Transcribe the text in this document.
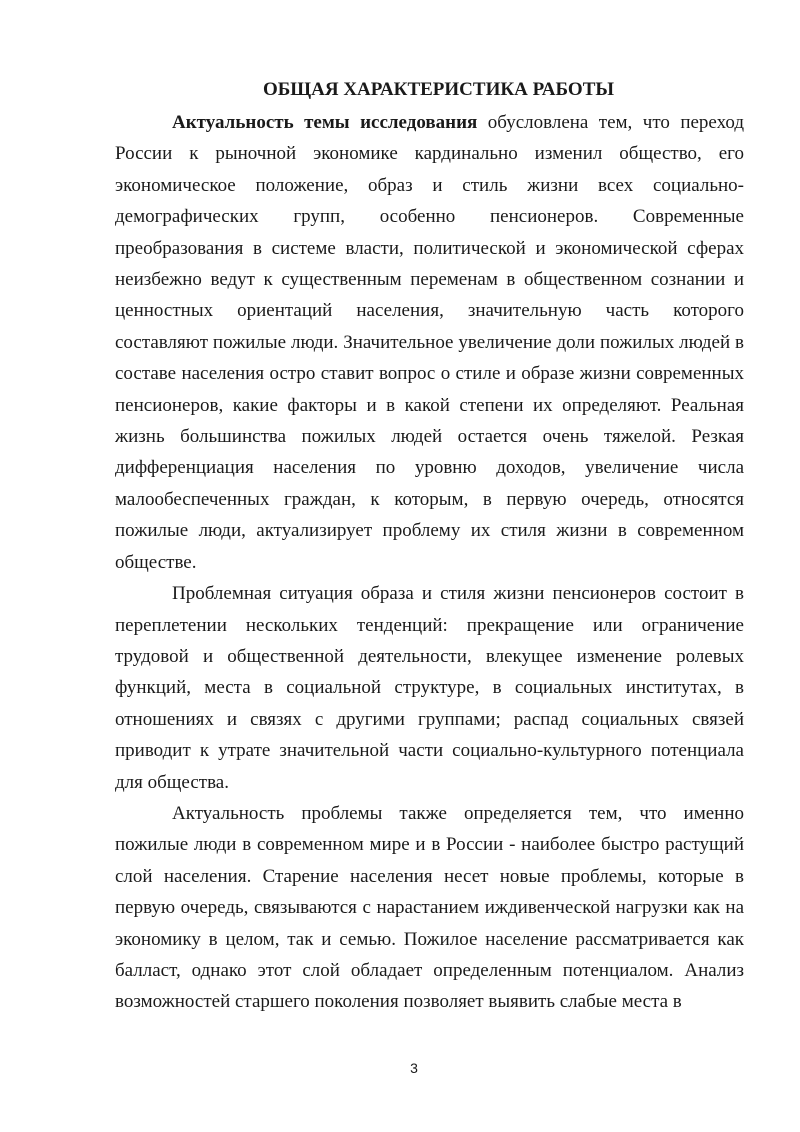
ОБЩАЯ ХАРАКТЕРИСТИКА РАБОТЫ

Актуальность темы исследования обусловлена тем, что переход России к рыночной экономике кардинально изменил общество, его экономическое положение, образ и стиль жизни всех социально-демографических групп, особенно пенсионеров. Современные преобразования в системе власти, политической и экономической сферах неизбежно ведут к существенным переменам в общественном сознании и ценностных ориентаций населения, значительную часть которого составляют пожилые люди. Значительное увеличение доли пожилых людей в составе населения остро ставит вопрос о стиле и образе жизни современных пенсионеров, какие факторы и в какой степени их определяют. Реальная жизнь большинства пожилых людей остается очень тяжелой. Резкая дифференциация населения по уровню доходов, увеличение числа малообеспеченных граждан, к которым, в первую очередь, относятся пожилые люди, актуализирует проблему их стиля жизни в современном обществе.

Проблемная ситуация образа и стиля жизни пенсионеров состоит в переплетении нескольких тенденций: прекращение или ограничение трудовой и общественной деятельности, влекущее изменение ролевых функций, места в социальной структуре, в социальных институтах, в отношениях и связях с другими группами; распад социальных связей приводит к утрате значительной части социально-культурного потенциала для общества.

Актуальность проблемы также определяется тем, что именно пожилые люди в современном мире и в России - наиболее быстро растущий слой населения. Старение населения несет новые проблемы, которые в первую очередь, связываются с нарастанием иждивенческой нагрузки как на экономику в целом, так и семью. Пожилое население рассматривается как балласт, однако этот слой обладает определенным потенциалом. Анализ возможностей старшего поколения позволяет выявить слабые места в

3
